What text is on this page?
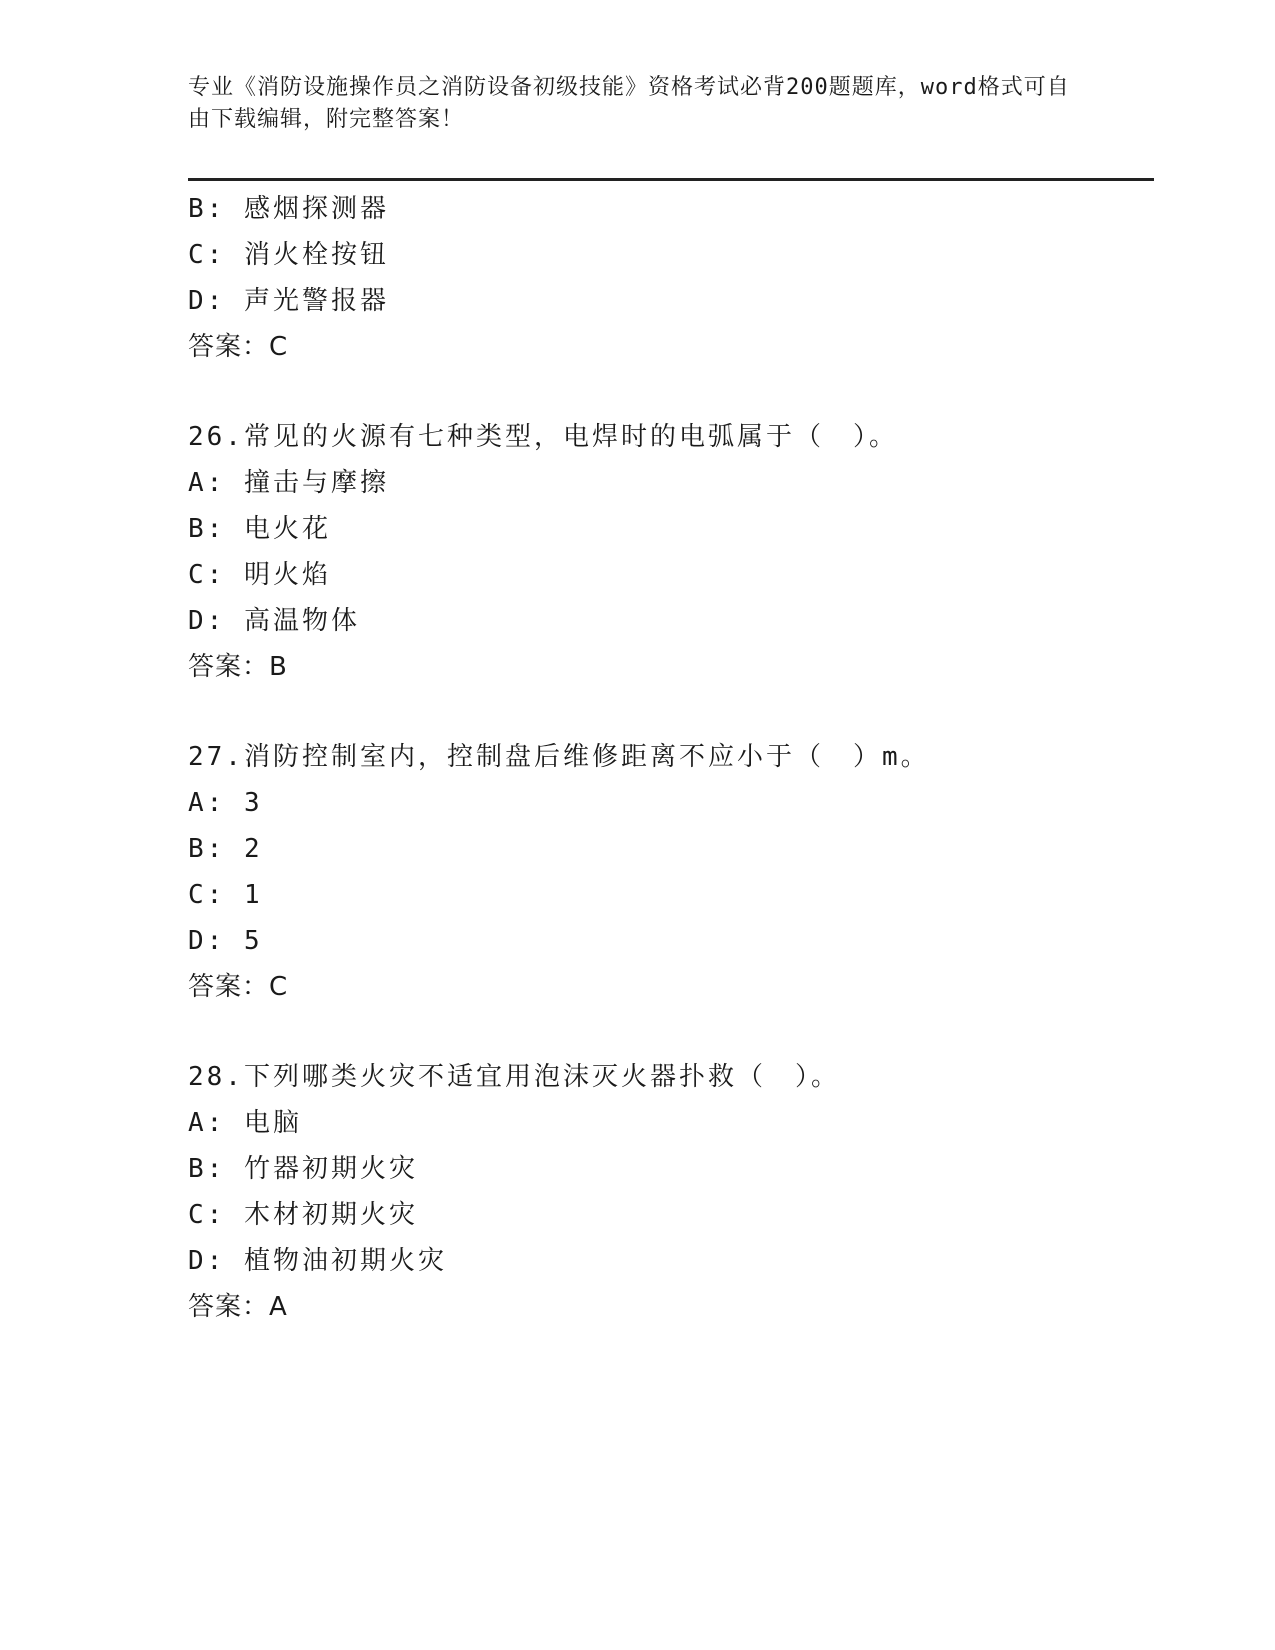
专业《消防设施操作员之消防设备初级技能》资格考试必背200题题库，word格式可自由下载编辑，附完整答案！
B: 感烟探测器
C: 消火栓按钮
D: 声光警报器
答案：C
26.常见的火源有七种类型，电焊时的电弧属于（　）。
A: 撞击与摩擦
B: 电火花
C: 明火焰
D: 高温物体
答案：B
27.消防控制室内，控制盘后维修距离不应小于（　）m。
A: 3
B: 2
C: 1
D: 5
答案：C
28.下列哪类火灾不适宜用泡沫灭火器扑救（　）。
A: 电脑
B: 竹器初期火灾
C: 木材初期火灾
D: 植物油初期火灾
答案：A
